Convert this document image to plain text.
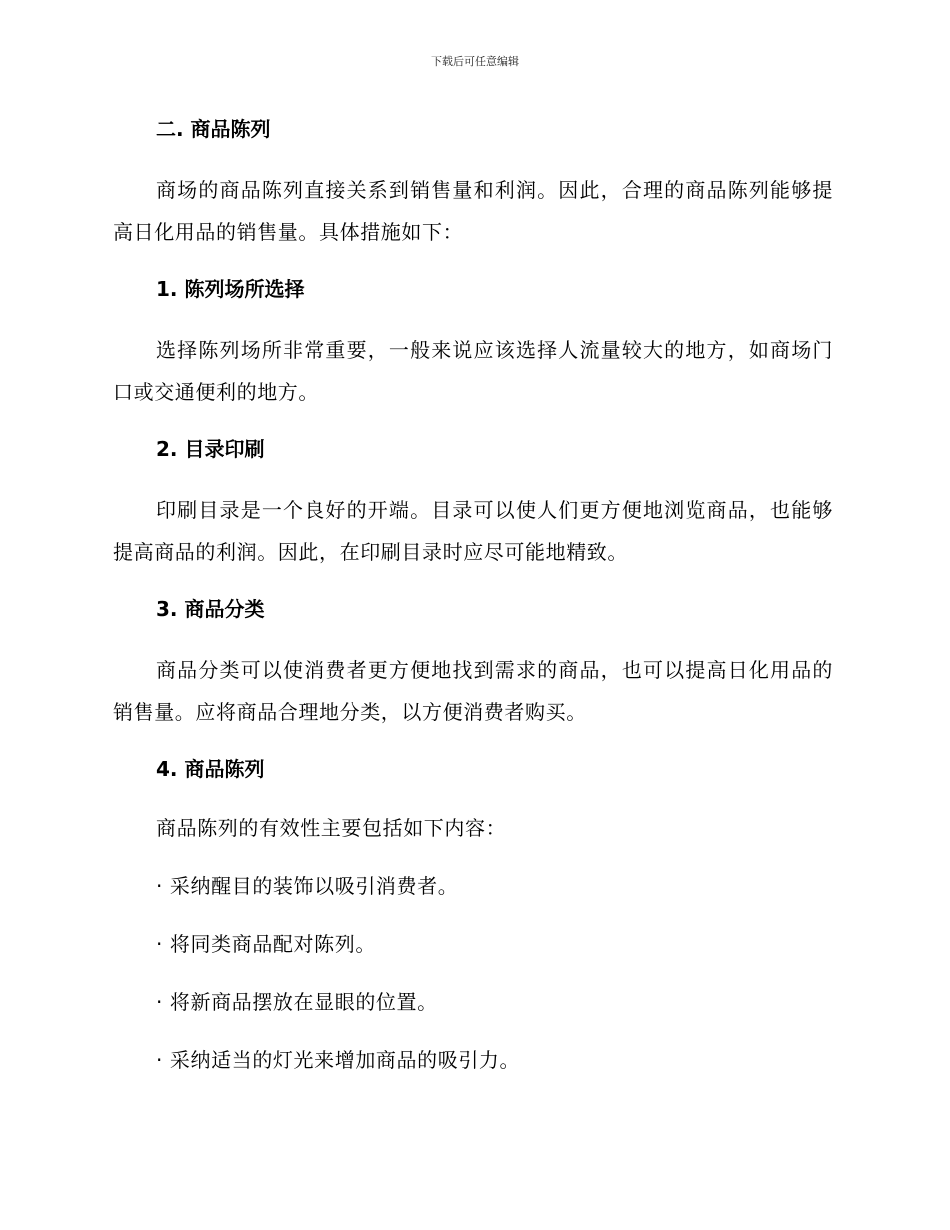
下载后可任意编辑
二. 商品陈列

商场的商品陈列直接关系到销售量和利润。因此，合理的商品陈列能够提高日化用品的销售量。具体措施如下：

1. 陈列场所选择

选择陈列场所非常重要，一般来说应该选择人流量较大的地方，如商场门口或交通便利的地方。

2. 目录印刷

印刷目录是一个良好的开端。目录可以使人们更方便地浏览商品，也能够提高商品的利润。因此，在印刷目录时应尽可能地精致。

3. 商品分类

商品分类可以使消费者更方便地找到需求的商品，也可以提高日化用品的销售量。应将商品合理地分类，以方便消费者购买。

4. 商品陈列
商品陈列的有效性主要包括如下内容：
· 采纳醒目的装饰以吸引消费者。
· 将同类商品配对陈列。
· 将新商品摆放在显眼的位置。
· 采纳适当的灯光来增加商品的吸引力。
